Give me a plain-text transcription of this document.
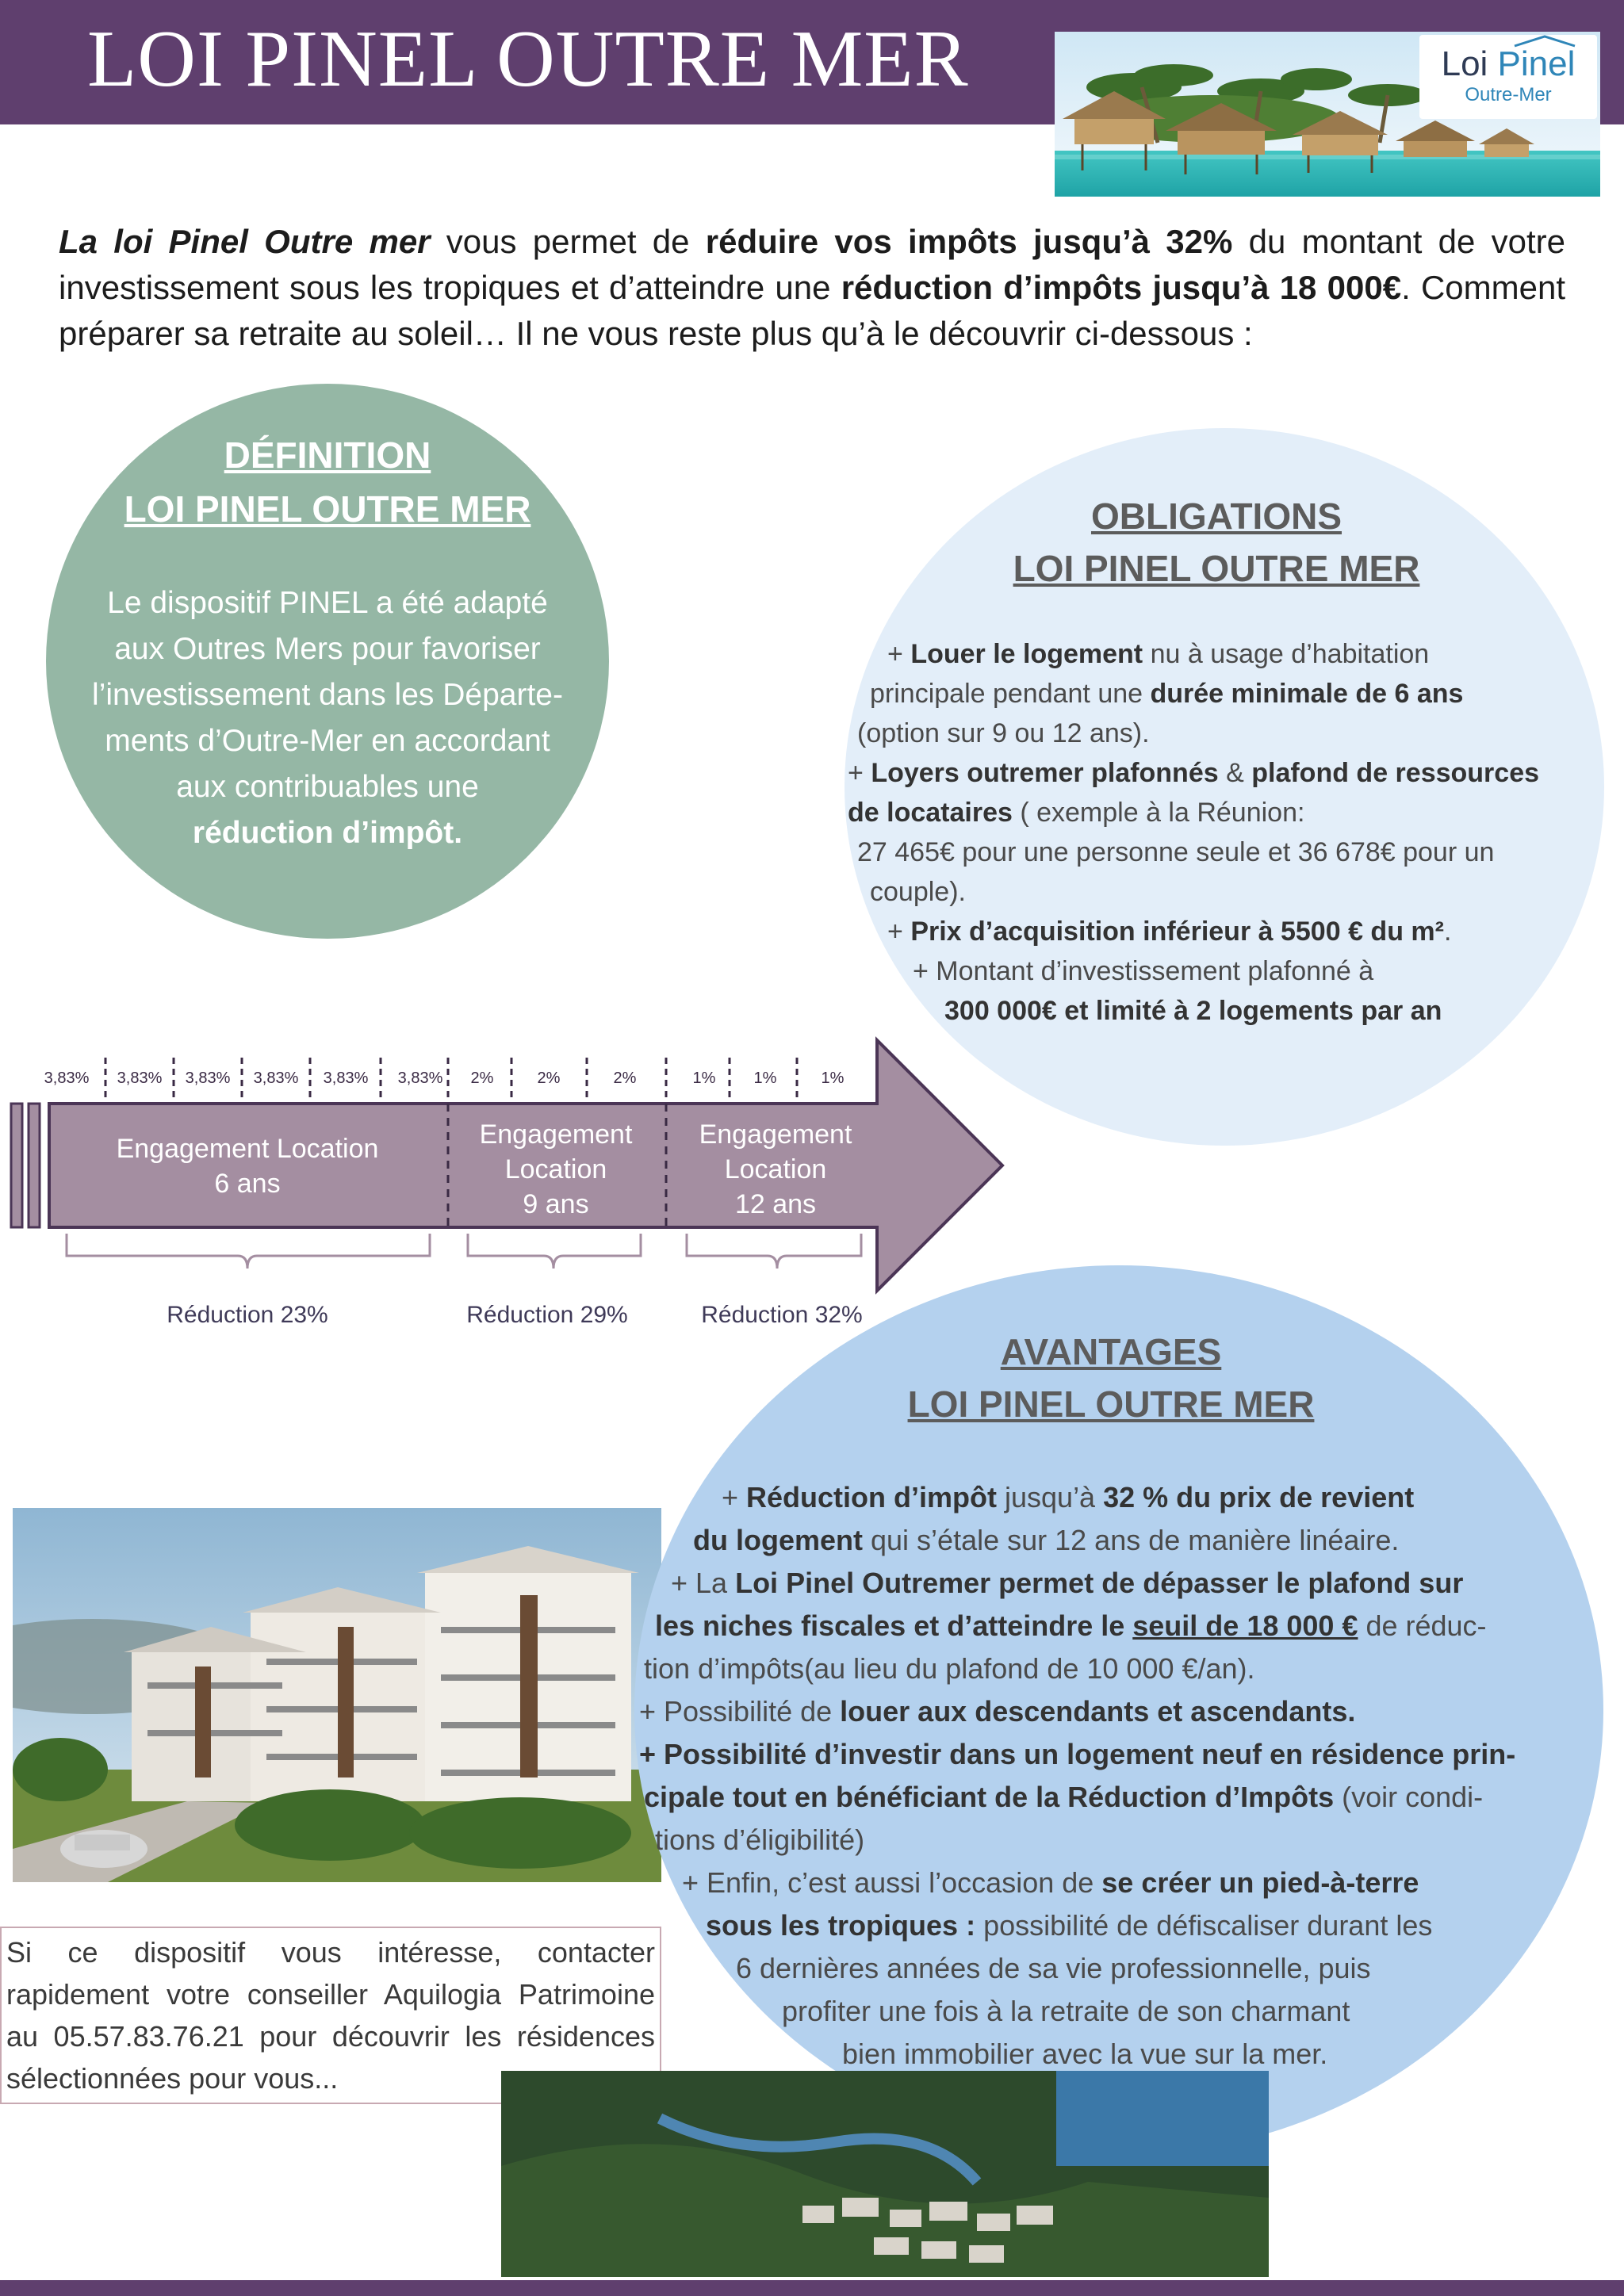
LOI PINEL OUTRE MER	Loi Pinel
Outre-Mer
La loi Pinel Outre mer vous permet de réduire vos impôts jusqu’à 32% du montant de votre investissement sous les tropiques et d’atteindre une réduction d’impôts jusqu’à 18 000€. Comment préparer sa retraite au soleil… Il ne vous reste plus qu’à le découvrir ci-dessous :
DÉFINITION
LOI PINEL OUTRE MER
Le dispositif PINEL a été adapté
aux Outres Mers pour favoriser
l’investissement dans les Départe-
ments d’Outre-Mer en accordant
aux contribuables une
réduction d’impôt.
OBLIGATIONS
LOI PINEL OUTRE MER
+ Louer le logement nu à usage d’habitation
principale pendant une durée minimale de 6 ans
(option sur 9 ou 12 ans).
+ Loyers outremer plafonnés & plafond de ressources
de locataires ( exemple à la Réunion:
27 465€ pour une personne seule et 36 678€ pour un
couple).
+ Prix d’acquisition inférieur à 5500 € du m².
+ Montant d’investissement plafonné à
300 000€ et limité à 2 logements par an
3,83% 3,83% 3,83% 3,83% 3,83% 3,83% 2%	2%	2%	1% 1%	1%
Engagement Location
6 ans
Engagement
Location
9 ans
Engagement
Location
12 ans
Réduction 23%	Réduction 29%	Réduction 32%
AVANTAGES
LOI PINEL OUTRE MER
+ Réduction d’impôt jusqu’à 32 % du prix de revient
du logement qui s’étale sur 12 ans de manière linéaire.
+ La Loi Pinel Outremer permet de dépasser le plafond sur
les niches fiscales et d’atteindre le seuil de 18 000 € de réduc-
tion d’impôts(au lieu du plafond de 10 000 €/an).
+ Possibilité de louer aux descendants et ascendants.
+ Possibilité d’investir dans un logement neuf en résidence prin-
cipale tout en bénéficiant de la Réduction d’Impôts (voir condi-
tions d’éligibilité)
+ Enfin, c’est aussi l’occasion de se créer un pied-à-terre
sous les tropiques : possibilité de défiscaliser durant les
6 dernières années de sa vie professionnelle, puis
profiter une fois à la retraite de son charmant
bien immobilier avec la vue sur la mer.
Si ce dispositif vous intéresse, contacter rapidement votre conseiller Aquilogia Patrimoine au 05.57.83.76.21 pour découvrir les résidences sélectionnées pour vous...
